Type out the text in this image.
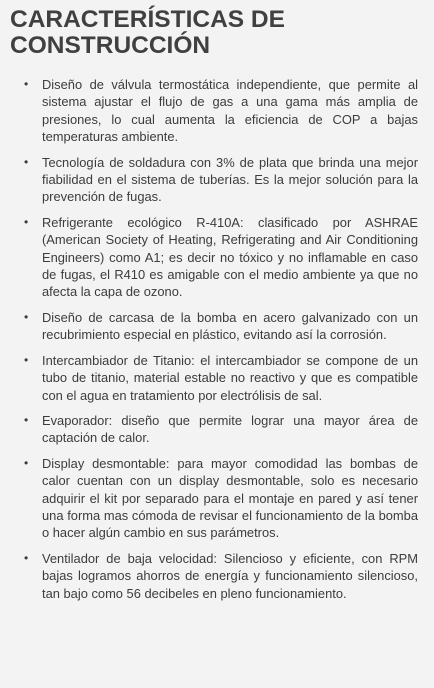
CARACTERÍSTICAS DE
CONSTRUCCIÓN
• Diseño de válvula termostática independiente, que permite al sistema ajustar el flujo de gas a una gama más amplia de presiones, lo cual aumenta la eficiencia de COP a bajas temperaturas ambiente.
• Tecnología de soldadura con 3% de plata que brinda una mejor fiabilidad en el sistema de tuberías. Es la mejor solución para la prevención de fugas.
• Refrigerante ecológico R-410A: clasificado por ASHRAE (American Society of Heating, Refrigerating and Air Conditioning Engineers) como A1; es decir no tóxico y no inflamable en caso de fugas, el R410 es amigable con el medio ambiente ya que no afecta la capa de ozono.
• Diseño de carcasa de la bomba en acero galvanizado con un recubrimiento especial en plástico, evitando así la corrosión.
• Intercambiador de Titanio: el intercambiador se compone de un tubo de titanio, material estable no reactivo y que es compatible con el agua en tratamiento por electrólisis de sal.
• Evaporador: diseño que permite lograr una mayor área de captación de calor.
• Display desmontable: para mayor comodidad las bombas de calor cuentan con un display desmontable, solo es necesario adquirir el kit por separado para el montaje en pared y así tener una forma mas cómoda de revisar el funcionamiento de la bomba o hacer algún cambio en sus parámetros.
• Ventilador de baja velocidad: Silencioso y eficiente, con RPM bajas logramos ahorros de energía y funcionamiento silencioso, tan bajo como 56 decibeles en pleno funcionamiento.
